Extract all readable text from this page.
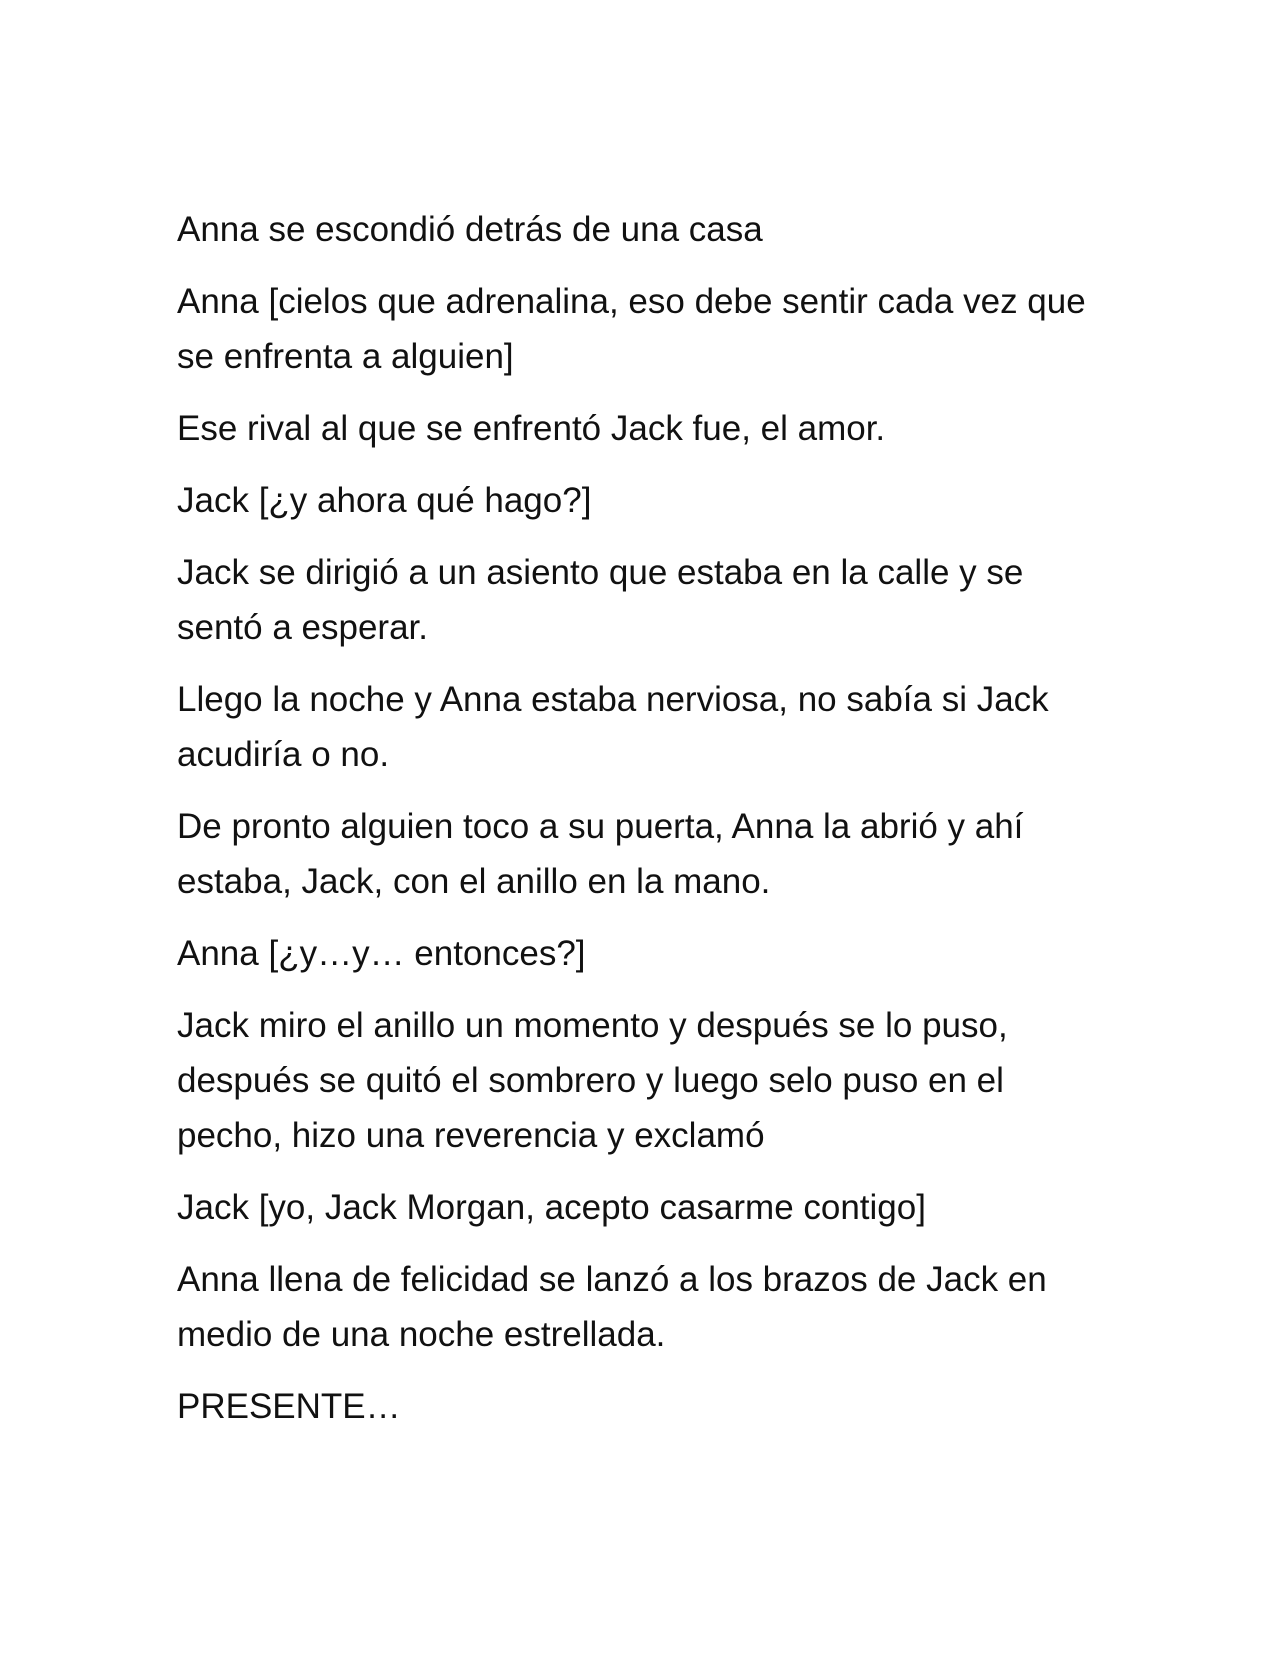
Anna se escondió detrás de una casa

Anna [cielos que adrenalina, eso debe sentir cada vez que se enfrenta a alguien]

Ese rival al que se enfrentó Jack fue, el amor.

Jack [¿y ahora qué hago?]

Jack se dirigió a un asiento que estaba en la calle y se sentó a esperar.

Llego la noche y Anna estaba nerviosa, no sabía si Jack acudiría o no.

De pronto alguien toco a su puerta, Anna la abrió y ahí estaba, Jack, con el anillo en la mano.

Anna [¿y…y… entonces?]

Jack miro el anillo un momento y después se lo puso, después se quitó el sombrero y luego selo puso en el pecho, hizo una reverencia y exclamó

Jack [yo, Jack Morgan, acepto casarme contigo]

Anna llena de felicidad se lanzó a los brazos de Jack en medio de una noche estrellada.

PRESENTE…
